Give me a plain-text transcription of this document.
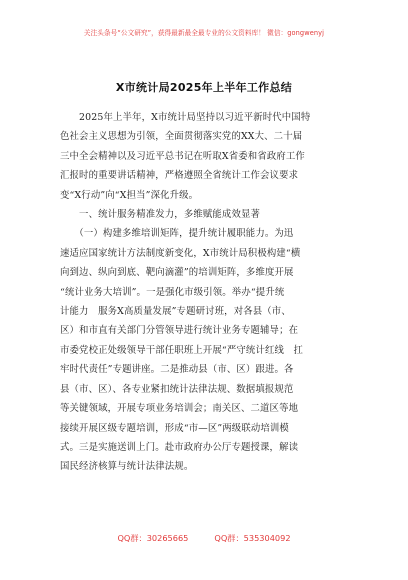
关注头条号“公文研究”，获得最新最全最专业的公文资料库！ 微信：gongwenyj
X市统计局2025年上半年工作总结

　　2025年上半年，X市统计局坚持以习近平新时代中国特
色社会主义思想为引领，全面贯彻落实党的XX大、二十届
三中全会精神以及习近平总书记在听取X省委和省政府工作
汇报时的重要讲话精神，严格遵照全省统计工作会议要求
变“X行动”向“X担当”深化升级。

　　一、统计服务精准发力，多维赋能成效显著

　　（一）构建多维培训矩阵，提升统计履职能力。为迅
速适应国家统计方法制度新变化，X市统计局积极构建“横
向到边、纵向到底、靶向滴灌”的培训矩阵，多维度开展
“统计业务大培训”。一是强化市级引领。举办“提升统
计能力　服务X高质量发展”专题研讨班，对各县（市、
区）和市直有关部门分管领导进行统计业务专题辅导；在
市委党校正处级领导干部任职班上开展“严守统计红线　扛
牢时代责任”专题讲座。二是推动县（市、区）跟进。各
县（市、区）、各专业紧扣统计法律法规、数据填报规范
等关键领域，开展专项业务培训会；南关区、二道区等地
接续开展区级专题培训，形成“市—区”两级联动培训模
式。三是实施送训上门。赴市政府办公厅专题授课，解读
国民经济核算与统计法律法规。

QQ群：30265665	QQ群：535304092
